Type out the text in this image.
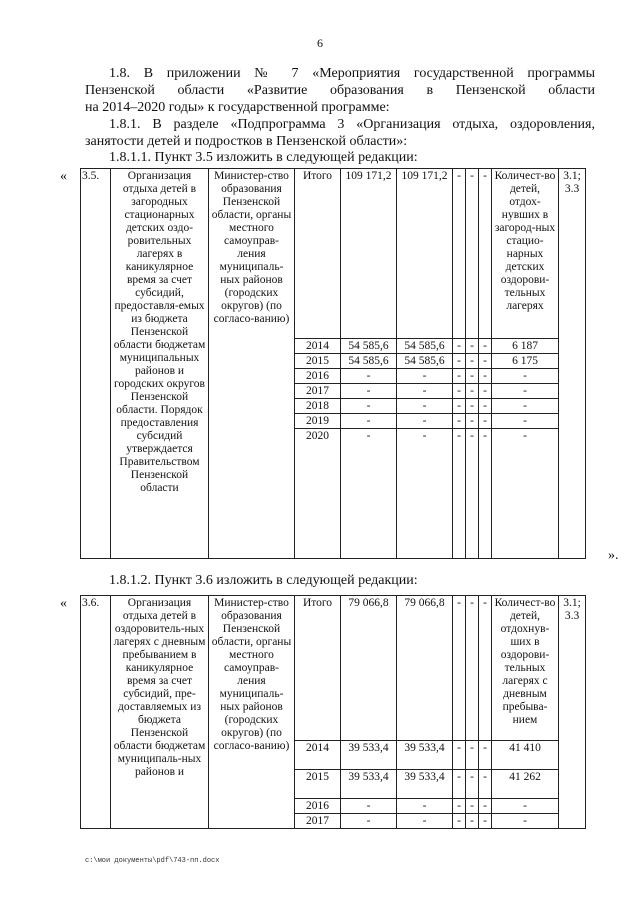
6
1.8. В приложении № 7 «Мероприятия государственной программы
Пензенской области «Развитие образования в Пензенской области
на 2014–2020 годы» к государственной программе:
1.8.1. В разделе «Подпрограмма 3 «Организация отдыха, оздоровления,
занятости детей и подростков в Пензенской области»:
1.8.1.1. Пункт 3.5 изложить в следующей редакции:
« 3.5.	Организация отдыха детей в загородных стационарных детских оздо-ровительных лагерях в каникулярное время за счет субсидий, предоставля-емых из бюджета Пензенской области бюджетам муниципальных районов и городских округов Пензенской области. Порядок предоставления субсидий утверждается Правительством Пензенской области	Министер-ство образования Пензенской области, органы местного самоуправ-ления муниципаль-ных районов (городских округов) (по согласо-ванию)	Итого	109 171,2	109 171,2	-	-	-	Количест-во детей, отдох-нувших в загород-ных стацио-нарных детских оздорови-тельных лагерях	3.1; 3.3
			2014	54 585,6	54 585,6	-	-	-	6 187	
			2015	54 585,6	54 585,6	-	-	-	6 175	
			2016	-	-	-	-	-	-	
			2017	-	-	-	-	-	-	
			2018	-	-	-	-	-	-	
			2019	-	-	-	-	-	-	
			2020	-	-	-	-	-	-	
».
1.8.1.2. Пункт 3.6 изложить в следующей редакции:
« 3.6.	Организация отдыха детей в оздоровитель-ных лагерях с дневным пребыванием в каникулярное время за счет субсидий, пре-доставляемых из бюджета Пензенской области бюджетам муниципаль-ных районов и	Министер-ство образования Пензенской области, органы местного самоуправ-ления муниципаль-ных районов (городских округов) (по согласо-ванию)	Итого	79 066,8	79 066,8	-	-	-	Количест-во детей, отдохнув-ших в оздорови-тельных лагерях с дневным пребыва-нием	3.1; 3.3
			2014	39 533,4	39 533,4	-	-	-	41 410	
			2015	39 533,4	39 533,4	-	-	-	41 262	
			2016	-	-	-	-	-	-	
			2017	-	-	-	-	-	-	
c:\мои документы\pdf\743-пп.docx
